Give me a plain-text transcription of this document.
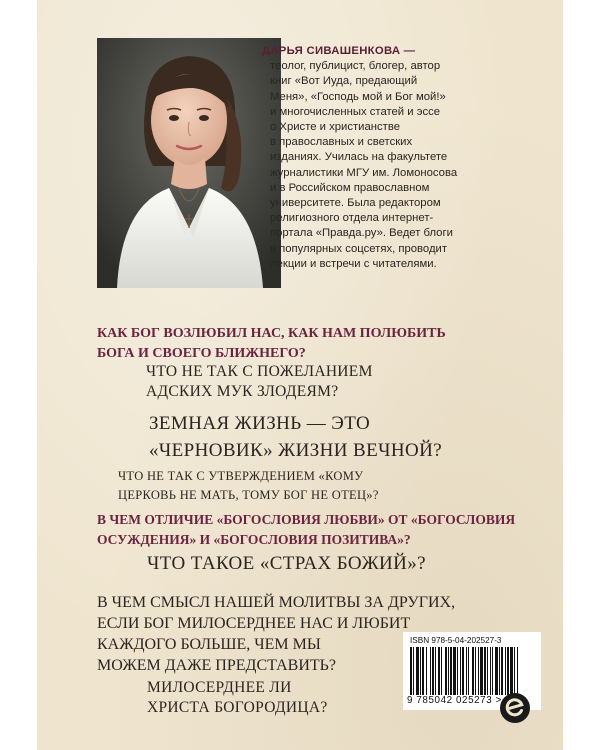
ДАРЬЯ СИВАШЕНКОВА —
теолог, публицист, блогер, автор
книг «Вот Иуда, предающий
Меня», «Господь мой и Бог мой!»
и многочисленных статей и эссе
о Христе и христианстве
в православных и светских
изданиях. Училась на факультете
журналистики МГУ им. Ломоносова
и в Российском православном
университете. Была редактором
религиозного отдела интернет-
портала «Правда.ру». Ведет блоги
в популярных соцсетях, проводит
лекции и встречи с читателями.

КАК БОГ ВОЗЛЮБИЛ НАС, КАК НАМ ПОЛЮБИТЬ
БОГА И СВОЕГО БЛИЖНЕГО?
ЧТО НЕ ТАК С ПОЖЕЛАНИЕМ
АДСКИХ МУК ЗЛОДЕЯМ?
ЗЕМНАЯ ЖИЗНЬ — ЭТО
«ЧЕРНОВИК» ЖИЗНИ ВЕЧНОЙ?
ЧТО НЕ ТАК С УТВЕРЖДЕНИЕМ «КОМУ
ЦЕРКОВЬ НЕ МАТЬ, ТОМУ БОГ НЕ ОТЕЦ»?
В ЧЕМ ОТЛИЧИЕ «БОГОСЛОВИЯ ЛЮБВИ» ОТ «БОГОСЛОВИЯ
ОСУЖДЕНИЯ» И «БОГОСЛОВИЯ ПОЗИТИВА»?
ЧТО ТАКОЕ «СТРАХ БОЖИЙ»?
В ЧЕМ СМЫСЛ НАШЕЙ МОЛИТВЫ ЗА ДРУГИХ,
ЕСЛИ БОГ МИЛОСЕРДНЕЕ НАС И ЛЮБИТ
КАЖДОГО БОЛЬШЕ, ЧЕМ МЫ
МОЖЕМ ДАЖЕ ПРЕДСТАВИТЬ?
МИЛОСЕРДНЕЕ ЛИ
ХРИСТА БОГОРОДИЦА?
ISBN 978-5-04-202527-3
9 785042 025273 >
